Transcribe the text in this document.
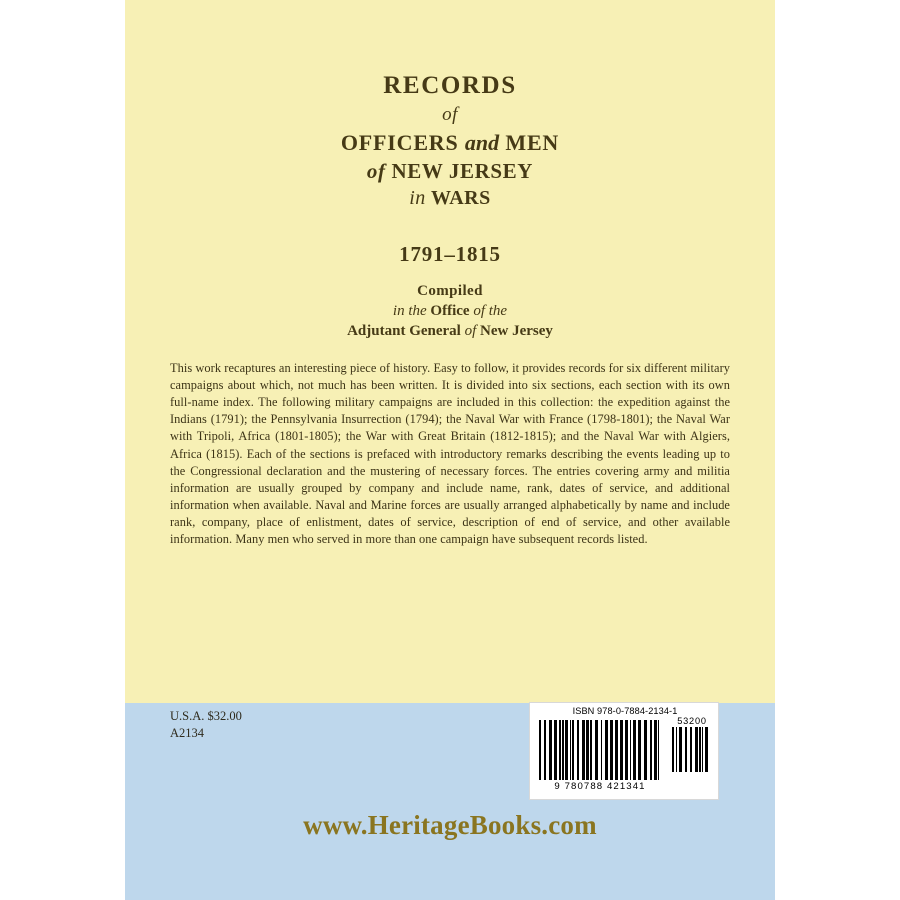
RECORDS
of
OFFICERS and MEN
of NEW JERSEY
in WARS
1791–1815
Compiled
in the Office of the
Adjutant General of New Jersey
This work recaptures an interesting piece of history. Easy to follow, it provides records for six different military campaigns about which, not much has been written. It is divided into six sections, each section with its own full-name index. The following military campaigns are included in this collection: the expedition against the Indians (1791); the Pennsylvania Insurrection (1794); the Naval War with France (1798-1801); the Naval War with Tripoli, Africa (1801-1805); the War with Great Britain (1812-1815); and the Naval War with Algiers, Africa (1815). Each of the sections is prefaced with introductory remarks describing the events leading up to the Congressional declaration and the mustering of necessary forces. The entries covering army and militia information are usually grouped by company and include name, rank, dates of service, and additional information when available. Naval and Marine forces are usually arranged alphabetically by name and include rank, company, place of enlistment, dates of service, description of end of service, and other available information. Many men who served in more than one campaign have subsequent records listed.
U.S.A. $32.00
A2134
ISBN 978-0-7884-2134-1
9 780788 421341
53200
www.HeritageBooks.com
